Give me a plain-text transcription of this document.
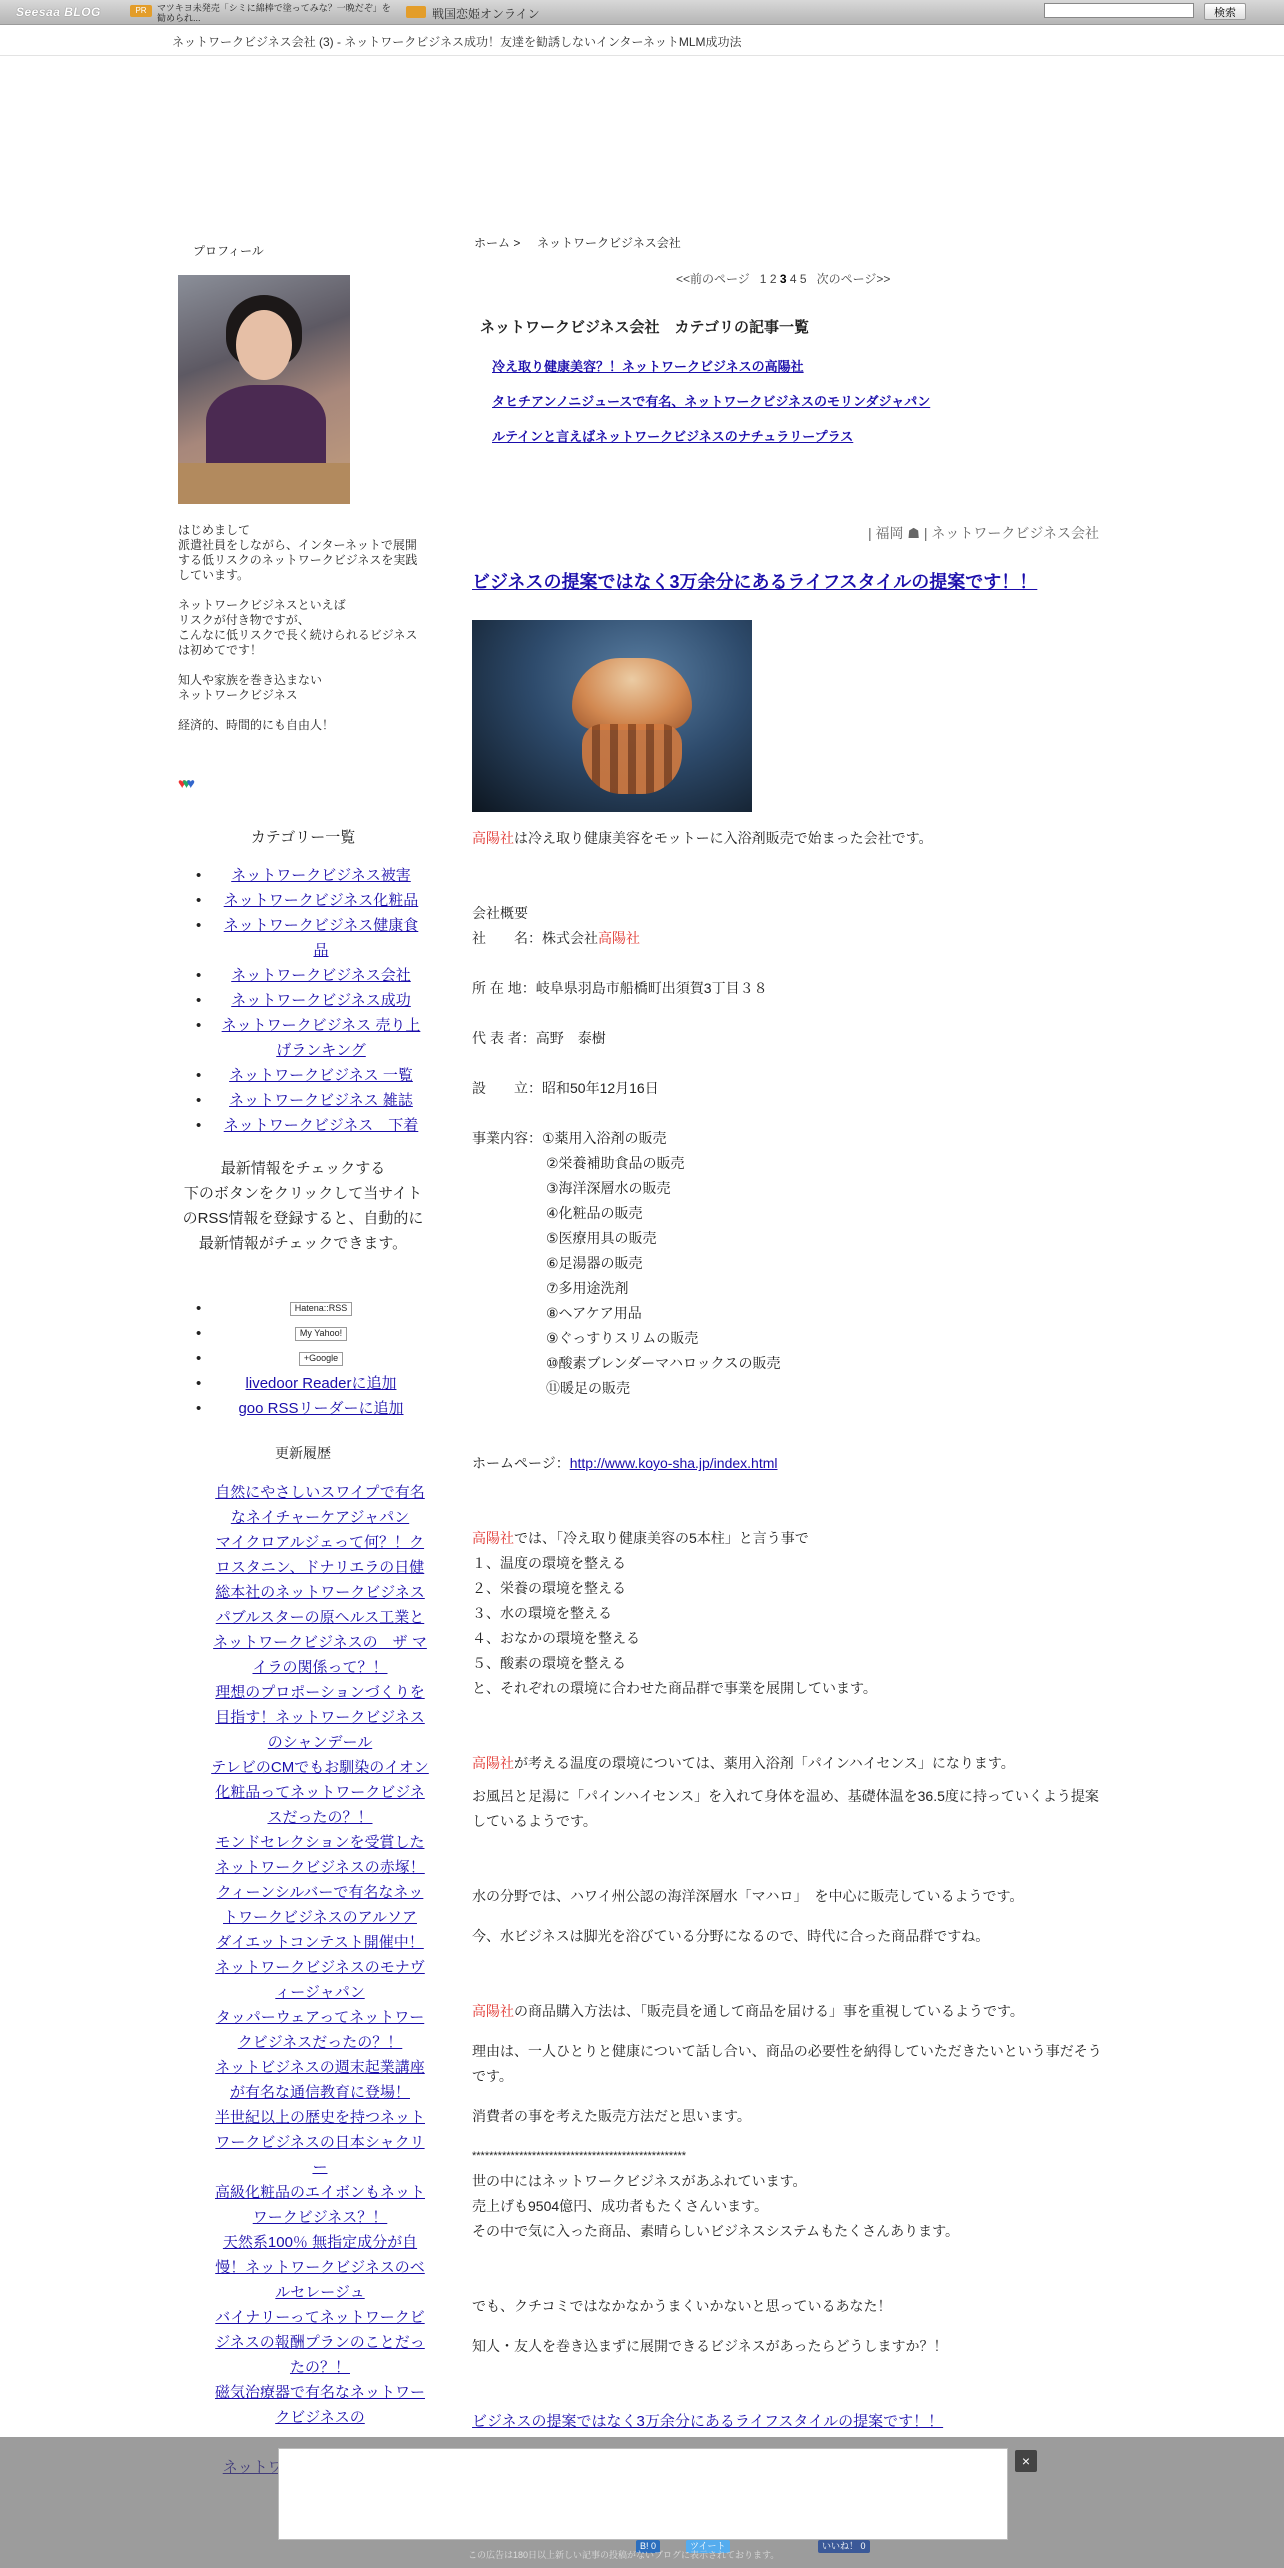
Seesaa BLOG	PR	マツキヨ未発売「シミに綿棒で塗ってみな？一晩だぞ」を勧められ...	戦国恋姫オンライン	検索
ネットワークビジネス会社 (3) - ネットワークビジネス成功！友達を勧誘しないインターネットMLM成功法
プロフィール
はじめまして
派遣社員をしながら、インターネットで展開する低リスクのネットワークビジネスを実践しています。

ネットワークビジネスといえば
リスクが付き物ですが、
こんなに低リスクで長く続けられるビジネスは初めてです！

知人や家族を巻き込まない
ネットワークビジネス

経済的、時間的にも自由人！
♥♥♥
カテゴリー一覧
• ネットワークビジネス被害
• ネットワークビジネス化粧品
• ネットワークビジネス健康食品
• ネットワークビジネス会社
• ネットワークビジネス成功
• ネットワークビジネス 売り上げランキング
• ネットワークビジネス 一覧
• ネットワークビジネス 雑誌
• ネットワークビジネス　下着
最新情報をチェックする
下のボタンをクリックして当サイトのRSS情報を登録すると、自動的に最新情報がチェックできます。
• Hatena::RSS
• My Yahoo!
• +Google
• livedoor Readerに追加
• goo RSSリーダーに追加
更新履歴
自然にやさしいスワイプで有名なネイチャーケアジャパン
マイクロアルジェって何？！クロスタニン、ドナリエラの日健総本社のネットワークビジネス
パブルスターの原ヘルス工業とネットワークビジネスの　ザ マイラの関係って？！
理想のプロポーションづくりを目指す！ネットワークビジネスのシャンデール
テレビのCMでもお馴染のイオン化粧品ってネットワークビジネスだったの？！
モンドセレクションを受賞したネットワークビジネスの赤塚！
クィーンシルバーで有名なネットワークビジネスのアルソア
ダイエットコンテスト開催中！ネットワークビジネスのモナヴィージャパン
タッパーウェアってネットワークビジネスだったの？！
ネットビジネスの週末起業講座が有名な通信教育に登場！
半世紀以上の歴史を持つネットワークビジネスの日本シャクリー
高級化粧品のエイボンもネットワークビジネス？！
天然系100％ 無指定成分が自慢！ネットワークビジネスのベルセレージュ
バイナリーってネットワークビジネスの報酬プランのことだったの？！
磁気治療器で有名なネットワークビジネスの
ホーム > ネットワークビジネス会社
<<前のページ 1 2 3 4 5 次のページ>>
ネットワークビジネス会社　カテゴリの記事一覧
冷え取り健康美容？！ネットワークビジネスの高陽社
タヒチアンノニジュースで有名、ネットワークビジネスのモリンダジャパン
ルテインと言えばネットワークビジネスのナチュラリープラス
| 福岡 ☗ | ネットワークビジネス会社
ビジネスの提案ではなく3万余分にあるライフスタイルの提案です！！

高陽社は冷え取り健康美容をモットーに入浴剤販売で始まった会社です。

会社概要

社　　名：株式会社高陽社

所 在 地：岐阜県羽島市船橋町出須賀3丁目３８

代 表 者：高野　泰樹

設　　立：昭和50年12月16日

事業内容：①薬用入浴剤の販売

②栄養補助食品の販売

③海洋深層水の販売

④化粧品の販売

⑤医療用具の販売

⑥足湯器の販売

⑦多用途洗剤

⑧ヘアケア用品

⑨ぐっすりスリムの販売

⑩酸素ブレンダーマハロックスの販売

⑪暖足の販売

ホームページ：http://www.koyo-sha.jp/index.html

高陽社では、「冷え取り健康美容の5本柱」と言う事で

１、温度の環境を整える

２、栄養の環境を整える

３、水の環境を整える

４、おなかの環境を整える

５、酸素の環境を整える

と、それぞれの環境に合わせた商品群で事業を展開しています。

高陽社が考える温度の環境については、薬用入浴剤「パインハイセンス」になります。

お風呂と足湯に「パインハイセンス」を入れて身体を温め、基礎体温を36.5度に持っていくよう提案しているようです。

水の分野では、ハワイ州公認の海洋深層水「マハロ」　を中心に販売しているようです。

今、水ビジネスは脚光を浴びている分野になるので、時代に合った商品群ですね。

高陽社の商品購入方法は、「販売員を通して商品を届ける」事を重視しているようです。

理由は、一人ひとりと健康について話し合い、商品の必要性を納得していただきたいという事だそうです。

消費者の事を考えた販売方法だと思います。

**************************************************

世の中にはネットワークビジネスがあふれています。

売上げも9504億円、成功者もたくさんいます。

その中で気に入った商品、素晴らしいビジネスシステムもたくさんあります。

でも、クチコミではなかなかうまくいかないと思っているあなた！

知人・友人を巻き込まずに展開できるビジネスがあったらどうしますか？！

ビジネスの提案ではなく3万余分にあるライフスタイルの提案です！！

×
B! 0	ツイート	いいね！ 0
この広告は180日以上新しい記事の投稿がないブログに表示されております。
